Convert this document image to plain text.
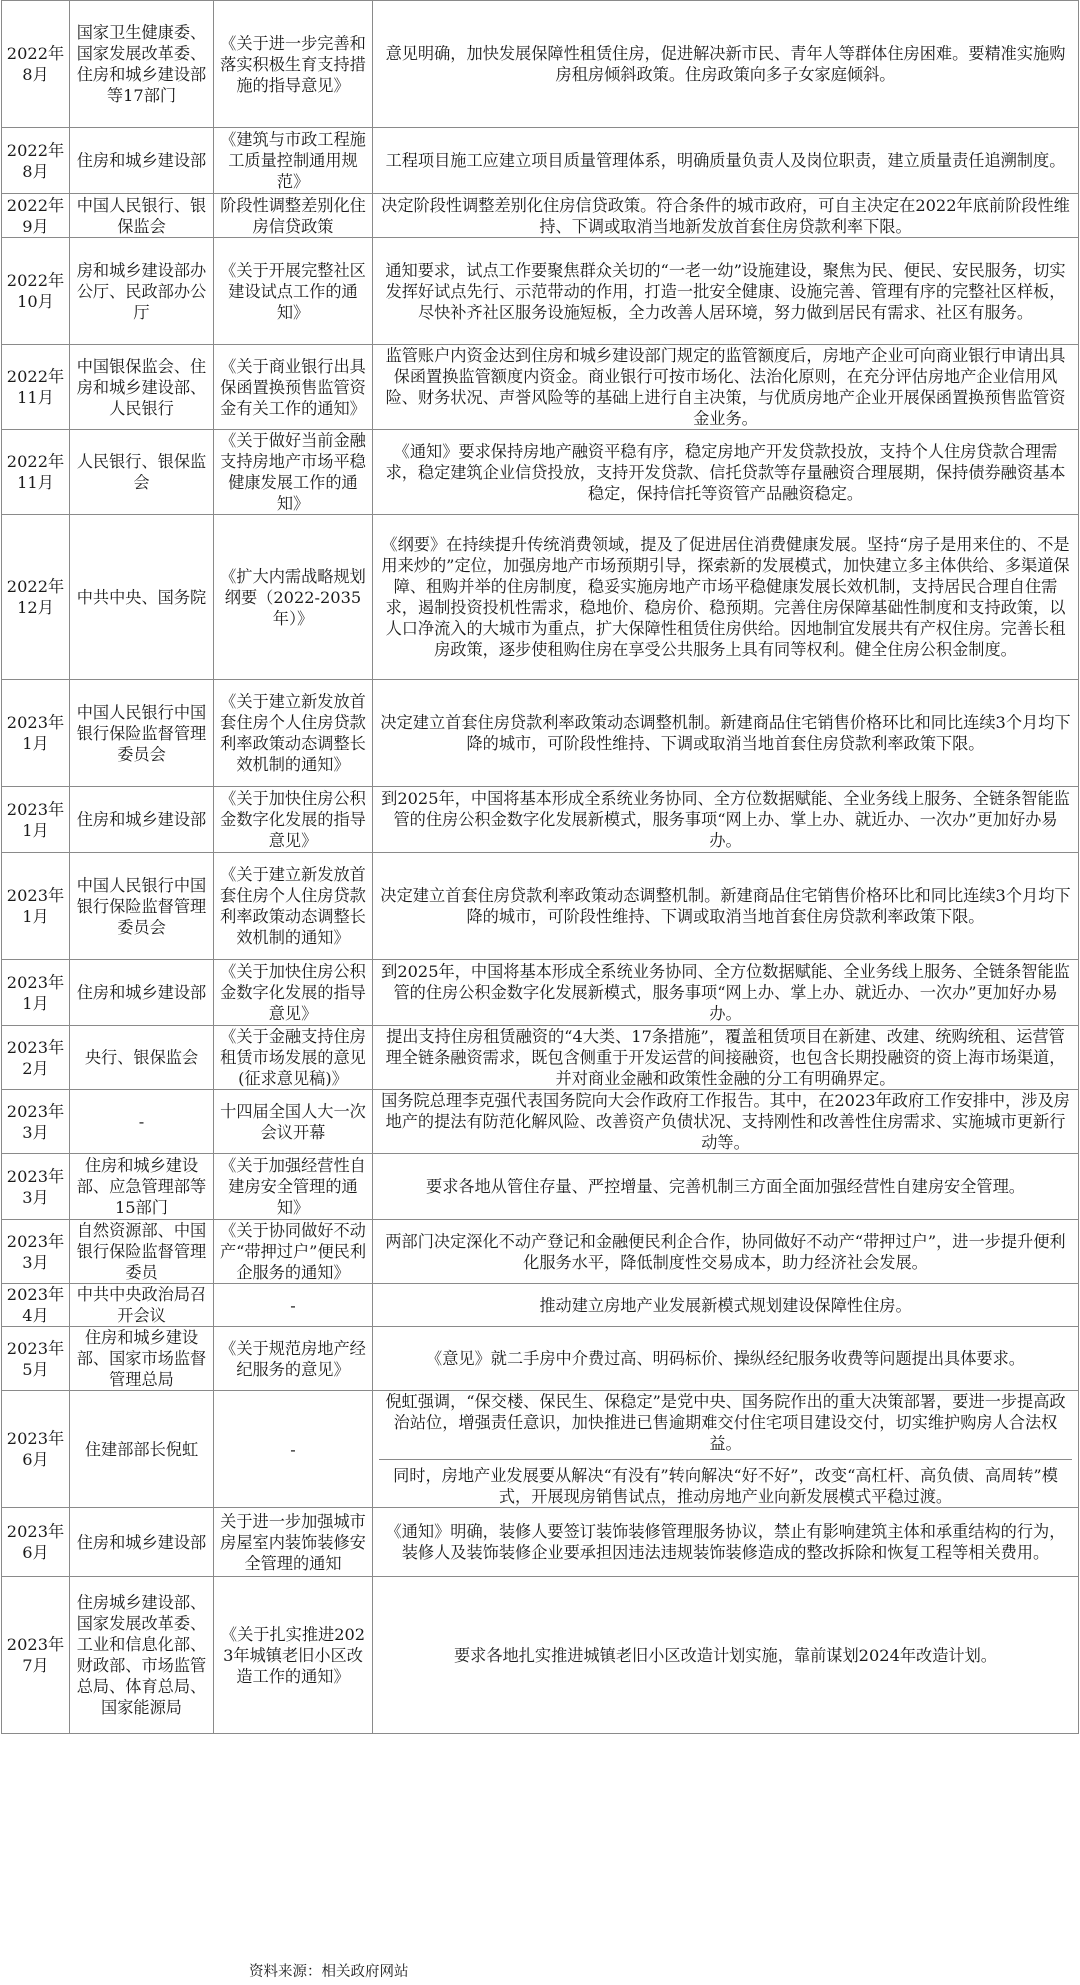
2022年8月	国家卫生健康委、国家发展改革委、住房和城乡建设部等17部门	《关于进一步完善和落实积极生育支持措施的指导意见》	意见明确，加快发展保障性租赁住房，促进解决新市民、青年人等群体住房困难。要精准实施购房租房倾斜政策。住房政策向多子女家庭倾斜。

2022年8月	住房和城乡建设部	《建筑与市政工程施工质量控制通用规范》	工程项目施工应建立项目质量管理体系，明确质量负责人及岗位职责，建立质量责任追溯制度。

2022年9月	中国人民银行、银保监会	阶段性调整差别化住房信贷政策	决定阶段性调整差别化住房信贷政策。符合条件的城市政府，可自主决定在2022年底前阶段性维持、下调或取消当地新发放首套住房贷款利率下限。

2022年10月	房和城乡建设部办公厅、民政部办公厅	《关于开展完整社区建设试点工作的通知》	通知要求，试点工作要聚焦群众关切的“一老一幼”设施建设，聚焦为民、便民、安民服务，切实发挥好试点先行、示范带动的作用，打造一批安全健康、设施完善、管理有序的完整社区样板，尽快补齐社区服务设施短板，全力改善人居环境，努力做到居民有需求、社区有服务。

2022年11月	中国银保监会、住房和城乡建设部、人民银行	《关于商业银行出具保函置换预售监管资金有关工作的通知》	监管账户内资金达到住房和城乡建设部门规定的监管额度后，房地产企业可向商业银行申请出具保函置换监管额度内资金。商业银行可按市场化、法治化原则，在充分评估房地产企业信用风险、财务状况、声誉风险等的基础上进行自主决策，与优质房地产企业开展保函置换预售监管资金业务。

2022年11月	人民银行、银保监会	《关于做好当前金融支持房地产市场平稳健康发展工作的通知》	《通知》要求保持房地产融资平稳有序，稳定房地产开发贷款投放，支持个人住房贷款合理需求，稳定建筑企业信贷投放，支持开发贷款、信托贷款等存量融资合理展期，保持债券融资基本稳定，保持信托等资管产品融资稳定。

2022年12月	中共中央、国务院	《扩大内需战略规划纲要（2022-2035年）》	《纲要》在持续提升传统消费领域，提及了促进居住消费健康发展。坚持“房子是用来住的、不是用来炒的”定位，加强房地产市场预期引导，探索新的发展模式，加快建立多主体供给、多渠道保障、租购并举的住房制度，稳妥实施房地产市场平稳健康发展长效机制，支持居民合理自住需求，遏制投资投机性需求，稳地价、稳房价、稳预期。完善住房保障基础性制度和支持政策，以人口净流入的大城市为重点，扩大保障性租赁住房供给。因地制宜发展共有产权住房。完善长租房政策，逐步使租购住房在享受公共服务上具有同等权利。健全住房公积金制度。

2023年1月	中国人民银行中国银行保险监督管理委员会	《关于建立新发放首套住房个人住房贷款利率政策动态调整长效机制的通知》	决定建立首套住房贷款利率政策动态调整机制。新建商品住宅销售价格环比和同比连续3个月均下降的城市，可阶段性维持、下调或取消当地首套住房贷款利率政策下限。

2023年1月	住房和城乡建设部	《关于加快住房公积金数字化发展的指导意见》	到2025年，中国将基本形成全系统业务协同、全方位数据赋能、全业务线上服务、全链条智能监管的住房公积金数字化发展新模式，服务事项“网上办、掌上办、就近办、一次办”更加好办易办。

2023年1月	中国人民银行中国银行保险监督管理委员会	《关于建立新发放首套住房个人住房贷款利率政策动态调整长效机制的通知》	决定建立首套住房贷款利率政策动态调整机制。新建商品住宅销售价格环比和同比连续3个月均下降的城市，可阶段性维持、下调或取消当地首套住房贷款利率政策下限。

2023年1月	住房和城乡建设部	《关于加快住房公积金数字化发展的指导意见》	到2025年，中国将基本形成全系统业务协同、全方位数据赋能、全业务线上服务、全链条智能监管的住房公积金数字化发展新模式，服务事项“网上办、掌上办、就近办、一次办”更加好办易办。

2023年2月	央行、银保监会	《关于金融支持住房租赁市场发展的意见(征求意见稿)》	提出支持住房租赁融资的“4大类、17条措施”，覆盖租赁项目在新建、改建、统购统租、运营管理全链条融资需求，既包含侧重于开发运营的间接融资，也包含长期投融资的资上海市场渠道，并对商业金融和政策性金融的分工有明确界定。

2023年3月	-	十四届全国人大一次会议开幕	国务院总理李克强代表国务院向大会作政府工作报告。其中，在2023年政府工作安排中，涉及房地产的提法有防范化解风险、改善资产负债状况、支持刚性和改善性住房需求、实施城市更新行动等。

2023年3月	住房和城乡建设部、应急管理部等15部门	《关于加强经营性自建房安全管理的通知》	要求各地从管住存量、严控增量、完善机制三方面全面加强经营性自建房安全管理。

2023年3月	自然资源部、中国银行保险监督管理委员	《关于协同做好不动产“带押过户”便民利企服务的通知》	两部门决定深化不动产登记和金融便民利企合作，协同做好不动产“带押过户”，进一步提升便利化服务水平，降低制度性交易成本，助力经济社会发展。

2023年4月	中共中央政治局召开会议	-	推动建立房地产业发展新模式规划建设保障性住房。

2023年5月	住房和城乡建设部、国家市场监督管理总局	《关于规范房地产经纪服务的意见》	《意见》就二手房中介费过高、明码标价、操纵经纪服务收费等问题提出具体要求。

2023年6月	住建部部长倪虹	-	倪虹强调，“保交楼、保民生、保稳定”是党中央、国务院作出的重大决策部署，要进一步提高政治站位，增强责任意识，加快推进已售逾期难交付住宅项目建设交付，切实维护购房人合法权益。
同时，房地产业发展要从解决“有没有”转向解决“好不好”，改变“高杠杆、高负债、高周转”模式，开展现房销售试点，推动房地产业向新发展模式平稳过渡。

2023年6月	住房和城乡建设部	关于进一步加强城市房屋室内装饰装修安全管理的通知	《通知》明确，装修人要签订装饰装修管理服务协议，禁止有影响建筑主体和承重结构的行为，装修人及装饰装修企业要承担因违法违规装饰装修造成的整改拆除和恢复工程等相关费用。

2023年7月	住房城乡建设部、国家发展改革委、工业和信息化部、财政部、市场监管总局、体育总局、国家能源局	《关于扎实推进2023年城镇老旧小区改造工作的通知》	要求各地扎实推进城镇老旧小区改造计划实施，靠前谋划2024年改造计划。
资料来源：相关政府网站
